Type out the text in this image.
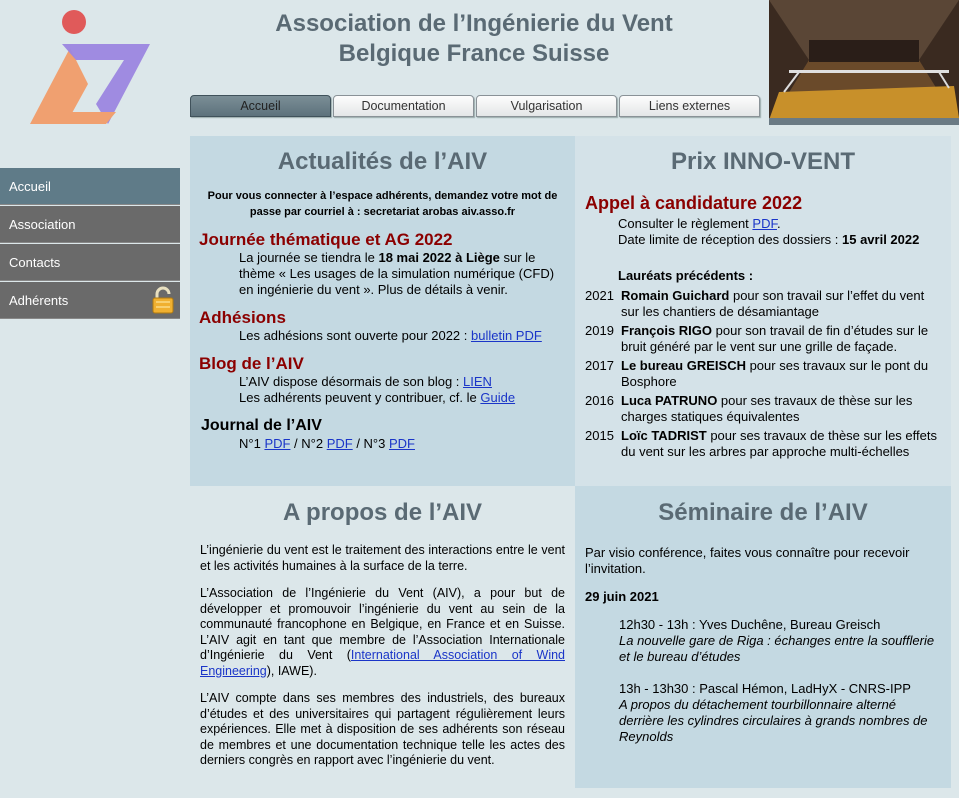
Association de l’Ingénierie du Vent
Belgique France Suisse
Accueil	Documentation	Vulgarisation	Liens externes
Accueil
Association
Contacts
Adhérents
Actualités de l’AIV
Pour vous connecter à l’espace adhérents, demandez votre mot de passe par courriel à : secretariat arobas aiv.asso.fr
Journée thématique et AG 2022
La journée se tiendra le 18 mai 2022 à Liège sur le thème « Les usages de la simulation numérique (CFD) en ingénierie du vent ». Plus de détails à venir.
Adhésions
Les adhésions sont ouverte pour 2022 : bulletin PDF
Blog de l’AIV
L’AIV dispose désormais de son blog : LIEN
Les adhérents peuvent y contribuer, cf. le Guide
Journal de l’AIV
N°1 PDF / N°2 PDF / N°3 PDF
Prix INNO-VENT
Appel à candidature 2022
Consulter le règlement PDF.
Date limite de réception des dossiers : 15 avril 2022
Lauréats précédents :
2021 Romain Guichard pour son travail sur l’effet du vent sur les chantiers de désamiantage
2019 François RIGO pour son travail de fin d’études sur le bruit généré par le vent sur une grille de façade.
2017 Le bureau GREISCH pour ses travaux sur le pont du Bosphore
2016 Luca PATRUNO pour ses travaux de thèse sur les charges statiques équivalentes
2015 Loïc TADRIST pour ses travaux de thèse sur les effets du vent sur les arbres par approche multi-échelles
A propos de l’AIV

L’ingénierie du vent est le traitement des interactions entre le vent et les activités humaines à la surface de la terre.

L’Association de l’Ingénierie du Vent (AIV), a pour but de développer et promouvoir l’ingénierie du vent au sein de la communauté francophone en Belgique, en France et en Suisse. L’AIV agit en tant que membre de l’Association Internationale d’Ingénierie du Vent (International Association of Wind Engineering), IAWE).

L’AIV compte dans ses membres des industriels, des bureaux d’études et des universitaires qui partagent régulièrement leurs expériences. Elle met à disposition de ses adhérents son réseau de membres et une documentation technique telle les actes des derniers congrès en rapport avec l’ingénierie du vent.

Séminaire de l’AIV

Par visio conférence, faites vous connaître pour recevoir l’invitation.

29 juin 2021

12h30 - 13h : Yves Duchêne, Bureau Greisch
La nouvelle gare de Riga : échanges entre la soufflerie et le bureau d’études
13h - 13h30 : Pascal Hémon, LadHyX - CNRS-IPP
A propos du détachement tourbillonnaire alterné derrière les cylindres circulaires à grands nombres de Reynolds
